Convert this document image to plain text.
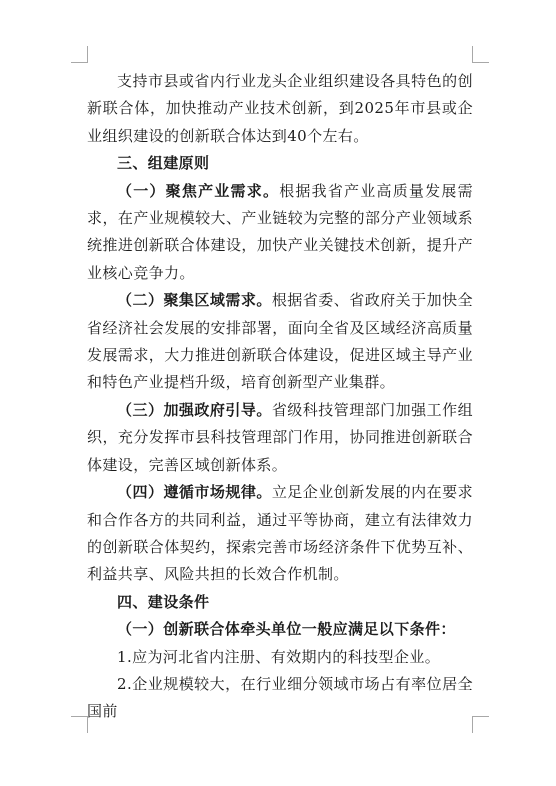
支持市县或省内行业龙头企业组织建设各具特色的创新联合体，加快推动产业技术创新，到2025年市县或企业组织建设的创新联合体达到40个左右。

三、组建原则

（一）聚焦产业需求。根据我省产业高质量发展需求，在产业规模较大、产业链较为完整的部分产业领域系统推进创新联合体建设，加快产业关键技术创新，提升产业核心竞争力。

（二）聚集区域需求。根据省委、省政府关于加快全省经济社会发展的安排部署，面向全省及区域经济高质量发展需求，大力推进创新联合体建设，促进区域主导产业和特色产业提档升级，培育创新型产业集群。

（三）加强政府引导。省级科技管理部门加强工作组织，充分发挥市县科技管理部门作用，协同推进创新联合体建设，完善区域创新体系。

（四）遵循市场规律。立足企业创新发展的内在要求和合作各方的共同利益，通过平等协商，建立有法律效力的创新联合体契约，探索完善市场经济条件下优势互补、利益共享、风险共担的长效合作机制。

四、建设条件

（一）创新联合体牵头单位一般应满足以下条件：

1.应为河北省内注册、有效期内的科技型企业。

2.企业规模较大，在行业细分领域市场占有率位居全国前
